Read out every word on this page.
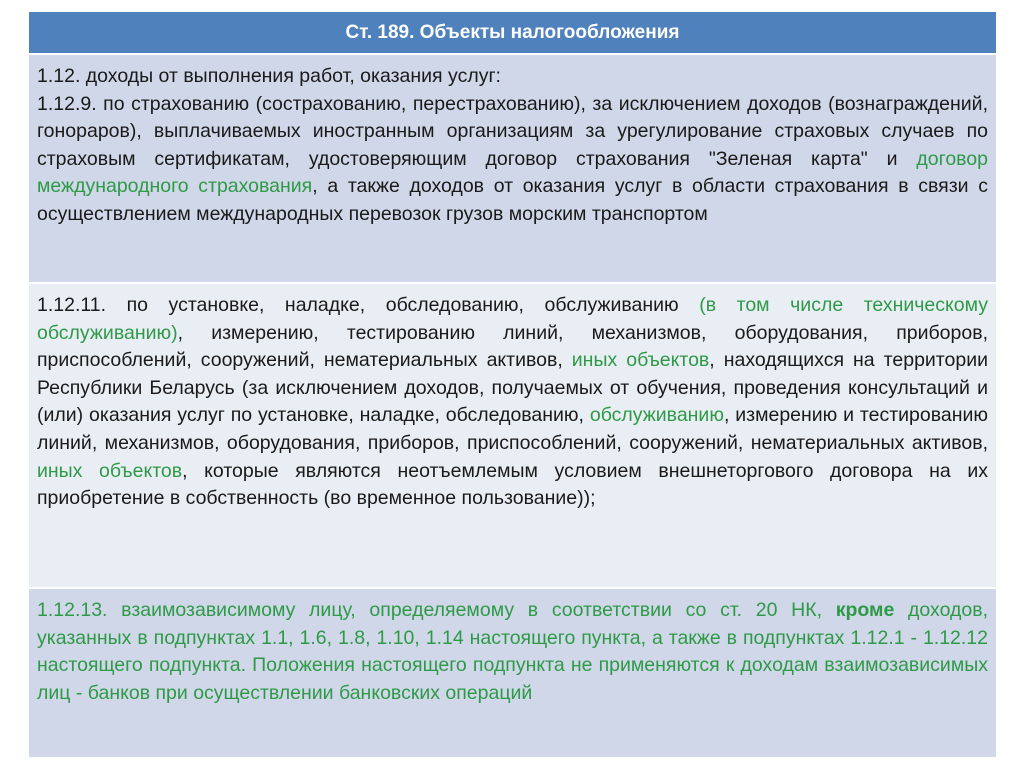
Ст. 189. Объекты налогообложения
1.12. доходы от выполнения работ, оказания услуг:
1.12.9. по страхованию (сострахованию, перестрахованию), за исключением доходов (вознаграждений, гонораров), выплачиваемых иностранным организациям за урегулирование страховых случаев по страховым сертификатам, удостоверяющим договор страхования "Зеленая карта" и договор международного страхования, а также доходов от оказания услуг в области страхования в связи с осуществлением международных перевозок грузов морским транспортом
1.12.11. по установке, наладке, обследованию, обслуживанию (в том числе техническому обслуживанию), измерению, тестированию линий, механизмов, оборудования, приборов, приспособлений, сооружений, нематериальных активов, иных объектов, находящихся на территории Республики Беларусь (за исключением доходов, получаемых от обучения, проведения консультаций и (или) оказания услуг по установке, наладке, обследованию, обслуживанию, измерению и тестированию линий, механизмов, оборудования, приборов, приспособлений, сооружений, нематериальных активов, иных объектов, которые являются неотъемлемым условием внешнеторгового договора на их приобретение в собственность (во временное пользование));
1.12.13. взаимозависимому лицу, определяемому в соответствии со ст. 20 НК, кроме доходов, указанных в подпунктах 1.1, 1.6, 1.8, 1.10, 1.14 настоящего пункта, а также в подпунктах 1.12.1 - 1.12.12 настоящего подпункта. Положения настоящего подпункта не применяются к доходам взаимозависимых лиц - банков при осуществлении банковских операций
